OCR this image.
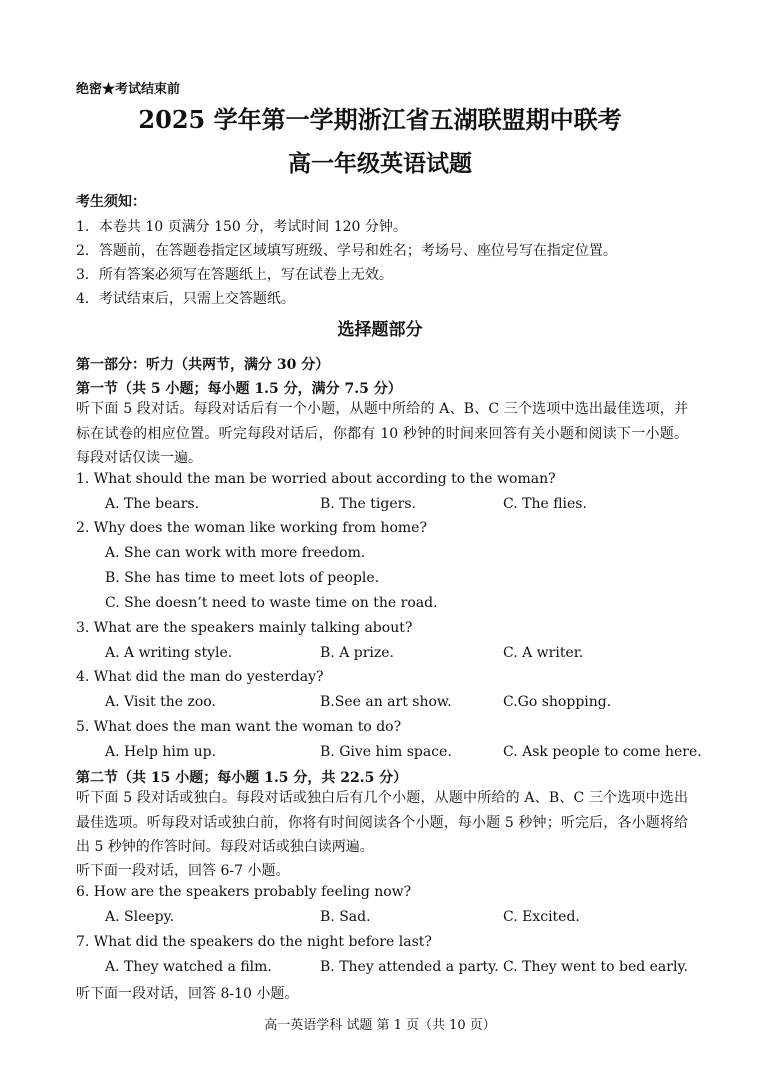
绝密★考试结束前
2025 学年第一学期浙江省五湖联盟期中联考
高一年级英语试题
考生须知：
1．本卷共 10 页满分 150 分，考试时间 120 分钟。
2．答题前，在答题卷指定区域填写班级、学号和姓名；考场号、座位号写在指定位置。
3．所有答案必须写在答题纸上，写在试卷上无效。
4．考试结束后，只需上交答题纸。
选择题部分
第一部分：听力（共两节，满分 30 分）
第一节（共 5 小题；每小题 1.5 分，满分 7.5 分）
听下面 5 段对话。每段对话后有一个小题，从题中所给的 A、B、C 三个选项中选出最佳选项，并标在试卷的相应位置。听完每段对话后，你都有 10 秒钟的时间来回答有关小题和阅读下一小题。每段对话仅读一遍。
1. What should the man be worried about according to the woman?
A. The bears.	B. The tigers.	C. The flies.
2. Why does the woman like working from home?
A. She can work with more freedom.
B. She has time to meet lots of people.
C. She doesn’t need to waste time on the road.
3. What are the speakers mainly talking about?
A. A writing style.	B. A prize.	C. A writer.
4. What did the man do yesterday?
A. Visit the zoo.	B.See an art show.	C.Go shopping.
5. What does the man want the woman to do?
A. Help him up.	B. Give him space.	C. Ask people to come here.
第二节（共 15 小题；每小题 1.5 分，共 22.5 分）
听下面 5 段对话或独白。每段对话或独白后有几个小题，从题中所给的 A、B、C 三个选项中选出最佳选项。听每段对话或独白前，你将有时间阅读各个小题，每小题 5 秒钟；听完后，各小题将给出 5 秒钟的作答时间。每段对话或独白读两遍。
听下面一段对话，回答 6-7 小题。
6. How are the speakers probably feeling now?
A. Sleepy.	B. Sad.	C. Excited.
7. What did the speakers do the night before last?
A. They watched a film.	B. They attended a party. C. They went to bed early.
听下面一段对话，回答 8-10 小题。
高一英语学科 试题 第 1 页（共 10 页）
